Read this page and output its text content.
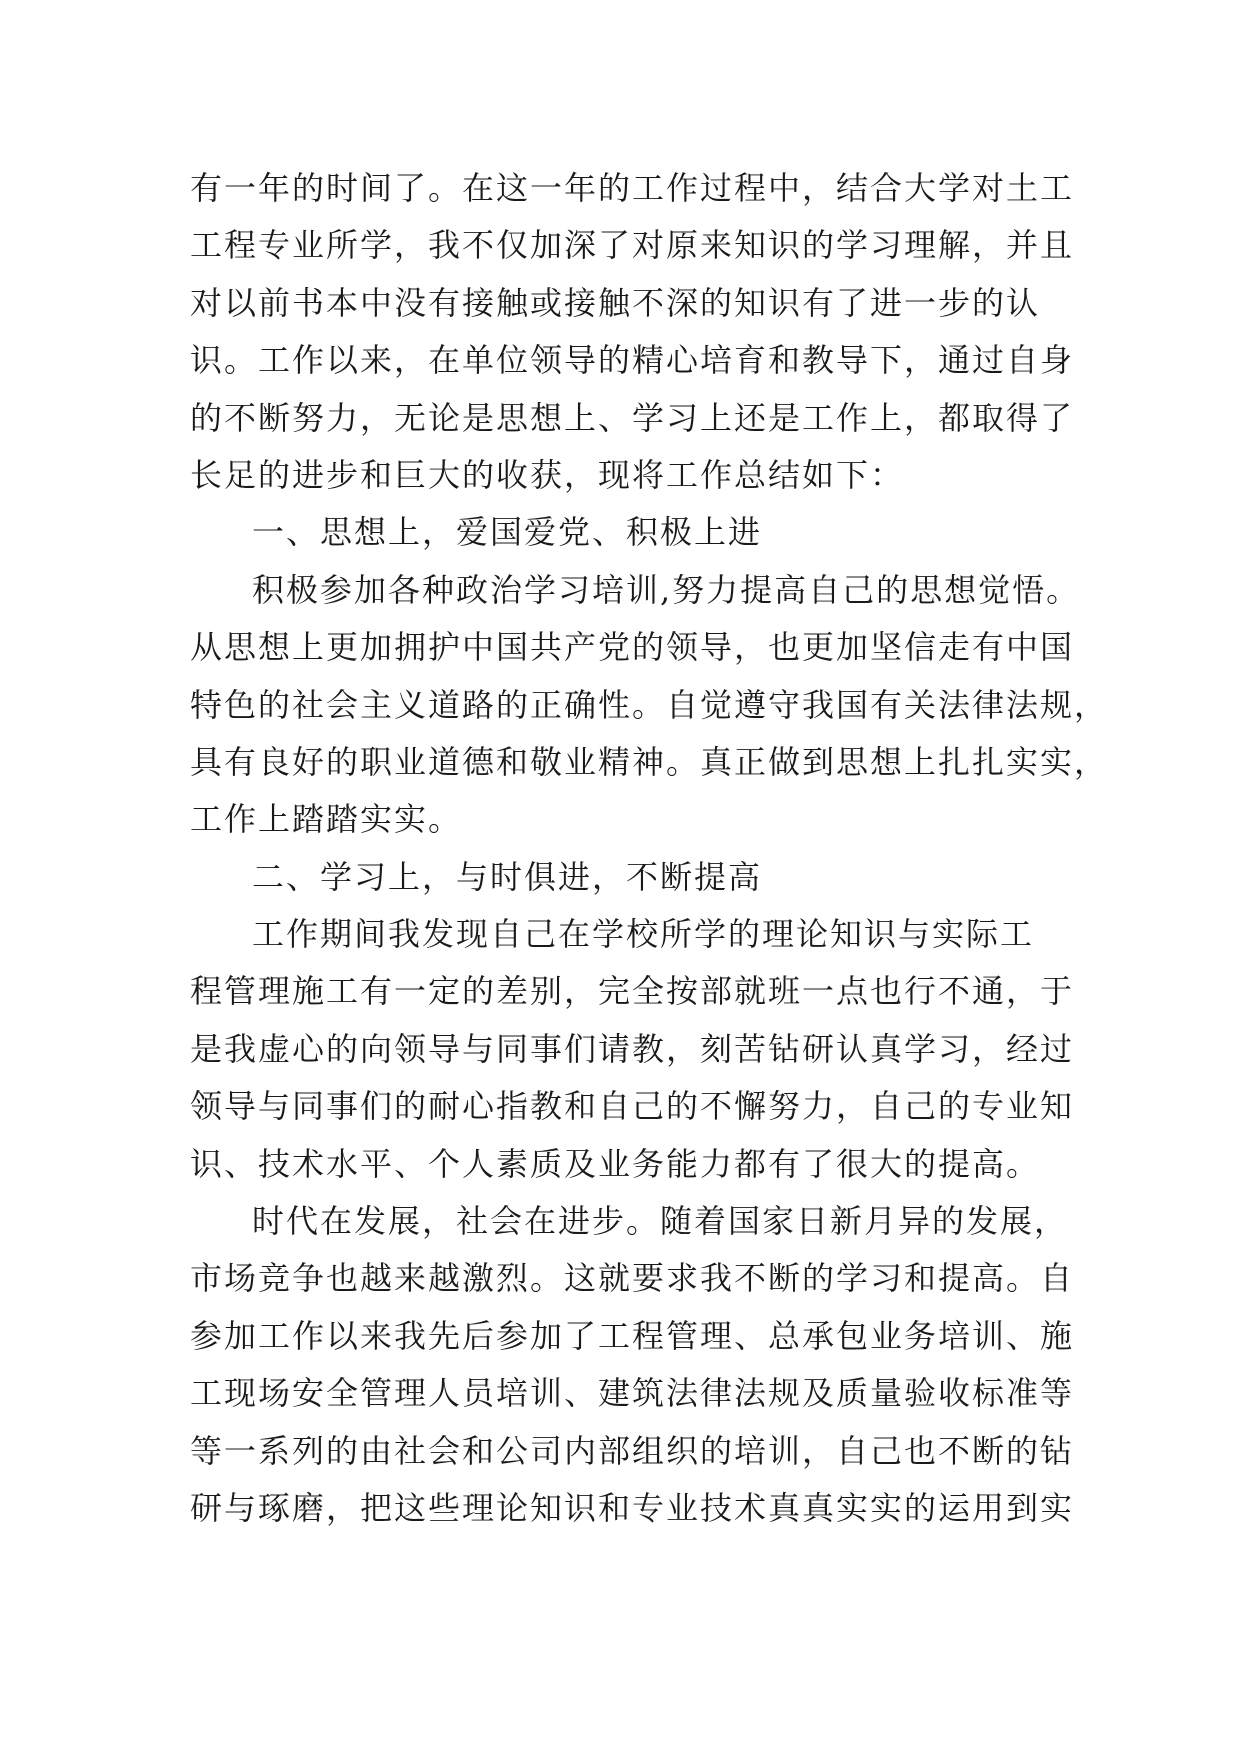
有一年的时间了。在这一年的工作过程中，结合大学对土工
工程专业所学，我不仅加深了对原来知识的学习理解，并且
对以前书本中没有接触或接触不深的知识有了进一步的认
识。工作以来，在单位领导的精心培育和教导下，通过自身
的不断努力，无论是思想上、学习上还是工作上，都取得了
长足的进步和巨大的收获，现将工作总结如下：
一、思想上，爱国爱党、积极上进
积极参加各种政治学习培训,努力提高自己的思想觉悟。
从思想上更加拥护中国共产党的领导，也更加坚信走有中国
特色的社会主义道路的正确性。自觉遵守我国有关法律法规，
具有良好的职业道德和敬业精神。真正做到思想上扎扎实实，
工作上踏踏实实。
二、学习上，与时俱进，不断提高
工作期间我发现自己在学校所学的理论知识与实际工
程管理施工有一定的差别，完全按部就班一点也行不通，于
是我虚心的向领导与同事们请教，刻苦钻研认真学习，经过
领导与同事们的耐心指教和自己的不懈努力，自己的专业知
识、技术水平、个人素质及业务能力都有了很大的提高。
时代在发展，社会在进步。随着国家日新月异的发展，
市场竞争也越来越激烈。这就要求我不断的学习和提高。自
参加工作以来我先后参加了工程管理、总承包业务培训、施
工现场安全管理人员培训、建筑法律法规及质量验收标准等
等一系列的由社会和公司内部组织的培训，自己也不断的钻
研与琢磨，把这些理论知识和专业技术真真实实的运用到实
